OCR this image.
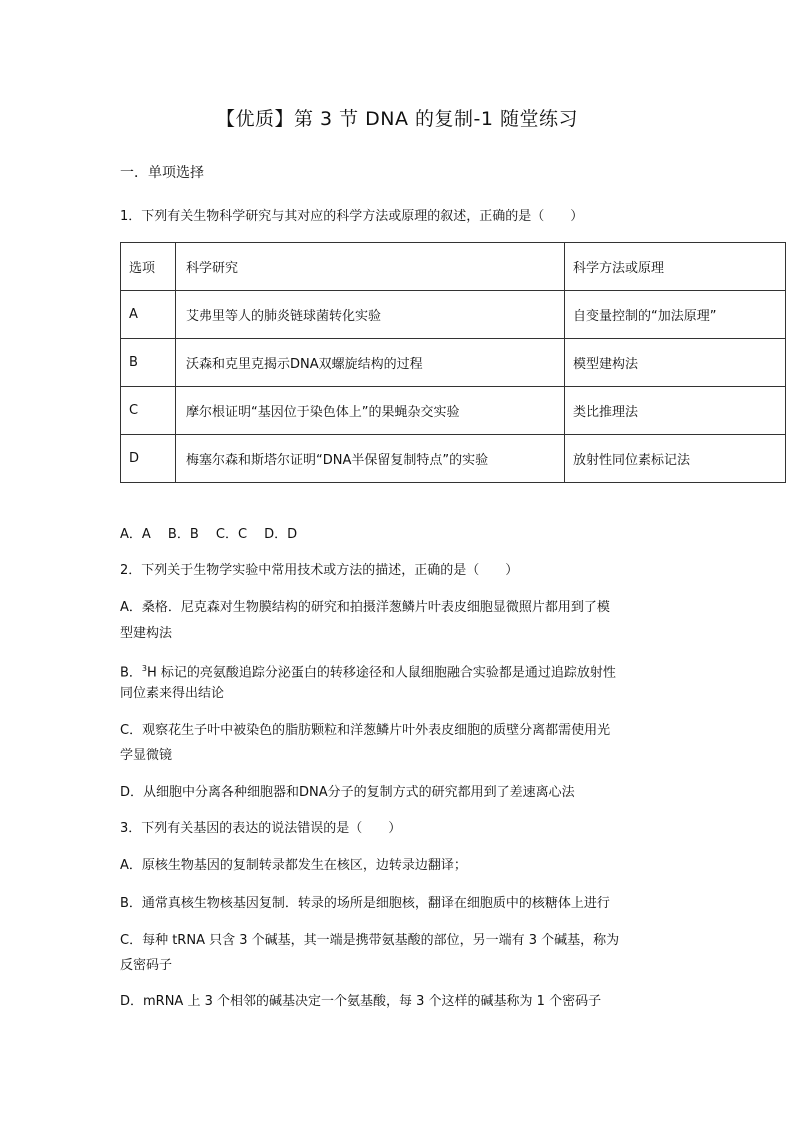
【优质】第 3 节 DNA 的复制-1 随堂练习
一．单项选择
1．下列有关生物科学研究与其对应的科学方法或原理的叙述，正确的是（　　）
选项	科学研究	科学方法或原理
A	艾弗里等人的肺炎链球菌转化实验	自变量控制的“加法原理”
B	沃森和克里克揭示DNA双螺旋结构的过程	模型建构法
C	摩尔根证明“基因位于染色体上”的果蝇杂交实验	类比推理法
D	梅塞尔森和斯塔尔证明“DNA半保留复制特点”的实验	放射性同位素标记法
A．A　 B．B　 C．C　 D．D
2．下列关于生物学实验中常用技术或方法的描述，正确的是（　　）
A．桑格．尼克森对生物膜结构的研究和拍摄洋葱鳞片叶表皮细胞显微照片都用到了模
型建构法
B．$^3$H 标记的亮氨酸追踪分泌蛋白的转移途径和人鼠细胞融合实验都是通过追踪放射性
同位素来得出结论
C．观察花生子叶中被染色的脂肪颗粒和洋葱鳞片叶外表皮细胞的质壁分离都需使用光
学显微镜
D．从细胞中分离各种细胞器和DNA分子的复制方式的研究都用到了差速离心法
3．下列有关基因的表达的说法错误的是（　　）
A．原核生物基因的复制转录都发生在核区，边转录边翻译；
B．通常真核生物核基因复制．转录的场所是细胞核，翻译在细胞质中的核糖体上进行
C．每种 tRNA 只含 3 个碱基，其一端是携带氨基酸的部位，另一端有 3 个碱基，称为
反密码子
D．mRNA 上 3 个相邻的碱基决定一个氨基酸，每 3 个这样的碱基称为 1 个密码子
